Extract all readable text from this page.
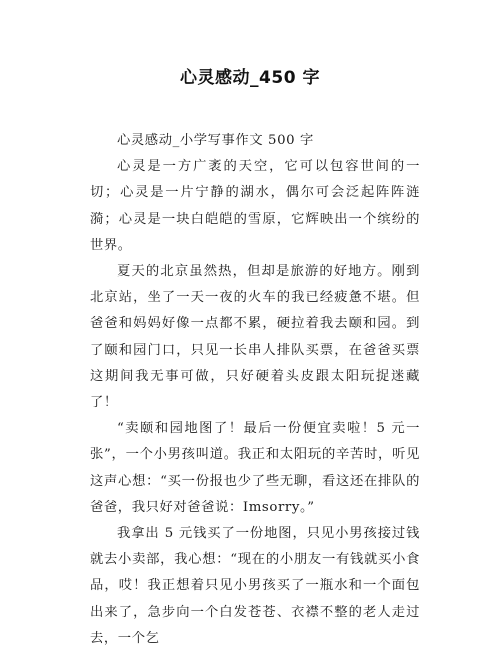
心灵感动_450 字

心灵感动_小学写事作文 500 字

心灵是一方广袤的天空，它可以包容世间的一切；心灵是一片宁静的湖水，偶尔可会泛起阵阵涟漪；心灵是一块白皑皑的雪原，它辉映出一个缤纷的世界。

夏天的北京虽然热，但却是旅游的好地方。刚到北京站，坐了一天一夜的火车的我已经疲惫不堪。但爸爸和妈妈好像一点都不累，硬拉着我去颐和园。到了颐和园门口，只见一长串人排队买票，在爸爸买票这期间我无事可做，只好硬着头皮跟太阳玩捉迷藏了！

“卖颐和园地图了！最后一份便宜卖啦！5 元一张”，一个小男孩叫道。我正和太阳玩的辛苦时，听见这声心想：“买一份报也少了些无聊，看这还在排队的爸爸，我只好对爸爸说：Imsorry。”

我拿出 5 元钱买了一份地图，只见小男孩接过钱就去小卖部，我心想：“现在的小朋友一有钱就买小食品，哎！我正想着只见小男孩买了一瓶水和一个面包出来了，急步向一个白发苍苍、衣襟不整的老人走过去，一个乞
